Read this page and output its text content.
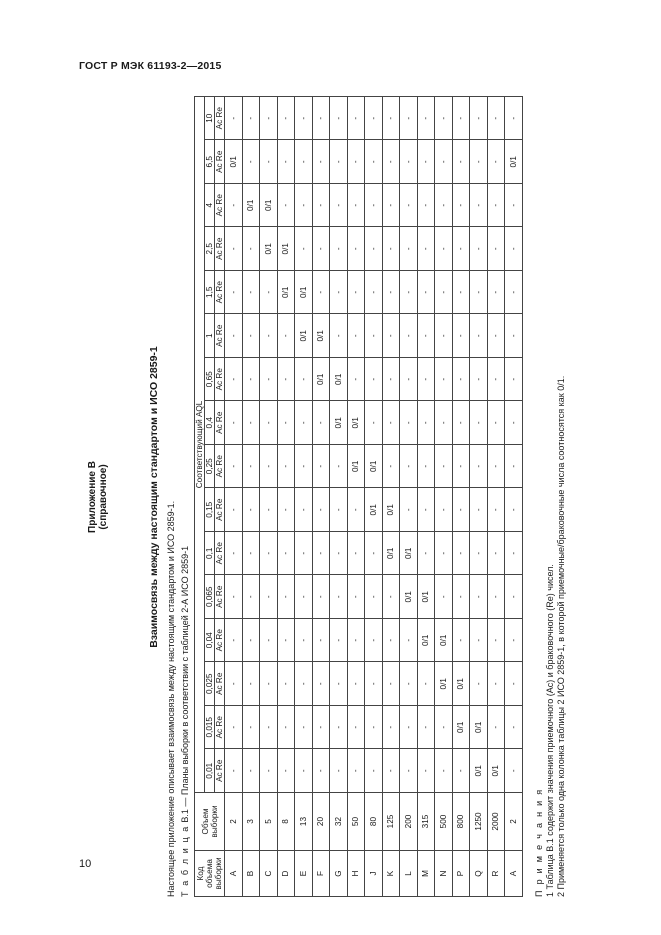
ГОСТ Р МЭК 61193-2—2015
Приложение В (справочное)	Взаимосвязь между настоящим стандартом и ИСО 2859-1
Настоящее приложение описывает взаимосвязь между настоящим стандартом и ИСО 2859-1. Т а б л и ц а В.1 — Планы выборки в соответствии с таблицей 2-А ИСО 2859-1
Код объема выборки	Объем выборки	Соответствующий AQL															
		0,01	0,015	0,025	0,04	0,065	0,1	0,15	0,25	0,4	0,65	1	1,5	2,5	4	6,5	10
		Ac Re	Ac Re	Ac Re	Ac Re	Ac Re	Ac Re	Ac Re	Ac Re	Ac Re	Ac Re	Ac Re	Ac Re	Ac Re	Ac Re	Ac Re	Ac Re
A	2	-	-	-	-	-	-	-	-	-	-	-	-	-	-	0/1	-
B	3	-	-	-	-	-	-	-	-	-	-	-	-	-	0/1	-	-
C	5	-	-	-	-	-	-	-	-	-	-	-	-	0/1	0/1	-	-
D	8	-	-	-	-	-	-	-	-	-	-	-	0/1	0/1	-	-	-
E	13	-	-	-	-	-	-	-	-	-	-	0/1	0/1	-	-	-	-
F	20	-	-	-	-	-	-	-	-	-	0/1	0/1	-	-	-	-	-
G	32	-	-	-	-	-	-	-	-	0/1	0/1	-	-	-	-	-	-
H	50	-	-	-	-	-	-	-	0/1	0/1	-	-	-	-	-	-	-
J	80	-	-	-	-	-	-	0/1	0/1	-	-	-	-	-	-	-	-
K	125	-	-	-	-	-	0/1	0/1	-	-	-	-	-	-	-	-	-
L	200	-	-	-	-	0/1	0/1	-	-	-	-	-	-	-	-	-	-
M	315	-	-	-	0/1	0/1	-	-	-	-	-	-	-	-	-	-	-
N	500	-	-	0/1	0/1	-	-	-	-	-	-	-	-	-	-	-	-
P	800	-	0/1	0/1	-	-	-	-	-	-	-	-	-	-	-	-	-
Q	1250	0/1	0/1	-	-	-	-	-	-	-	-	-	-	-	-	-	-
R	2000	0/1	-	-	-	-	-	-	-	-	-	-	-	-	-	-	-
A	2	-	-	-	-	-	-	-	-	-	-	-	-	-	-	0/1	-
П р и м е ч а н и я 1 Таблица В.1 содержит значения приемочного (Ac) и браковочного (Re) чисел. 2 Применяется только одна колонка таблицы 2 ИСО 2859-1, в которой приемочные/браковочные числа соотносятся как 0/1.
10
